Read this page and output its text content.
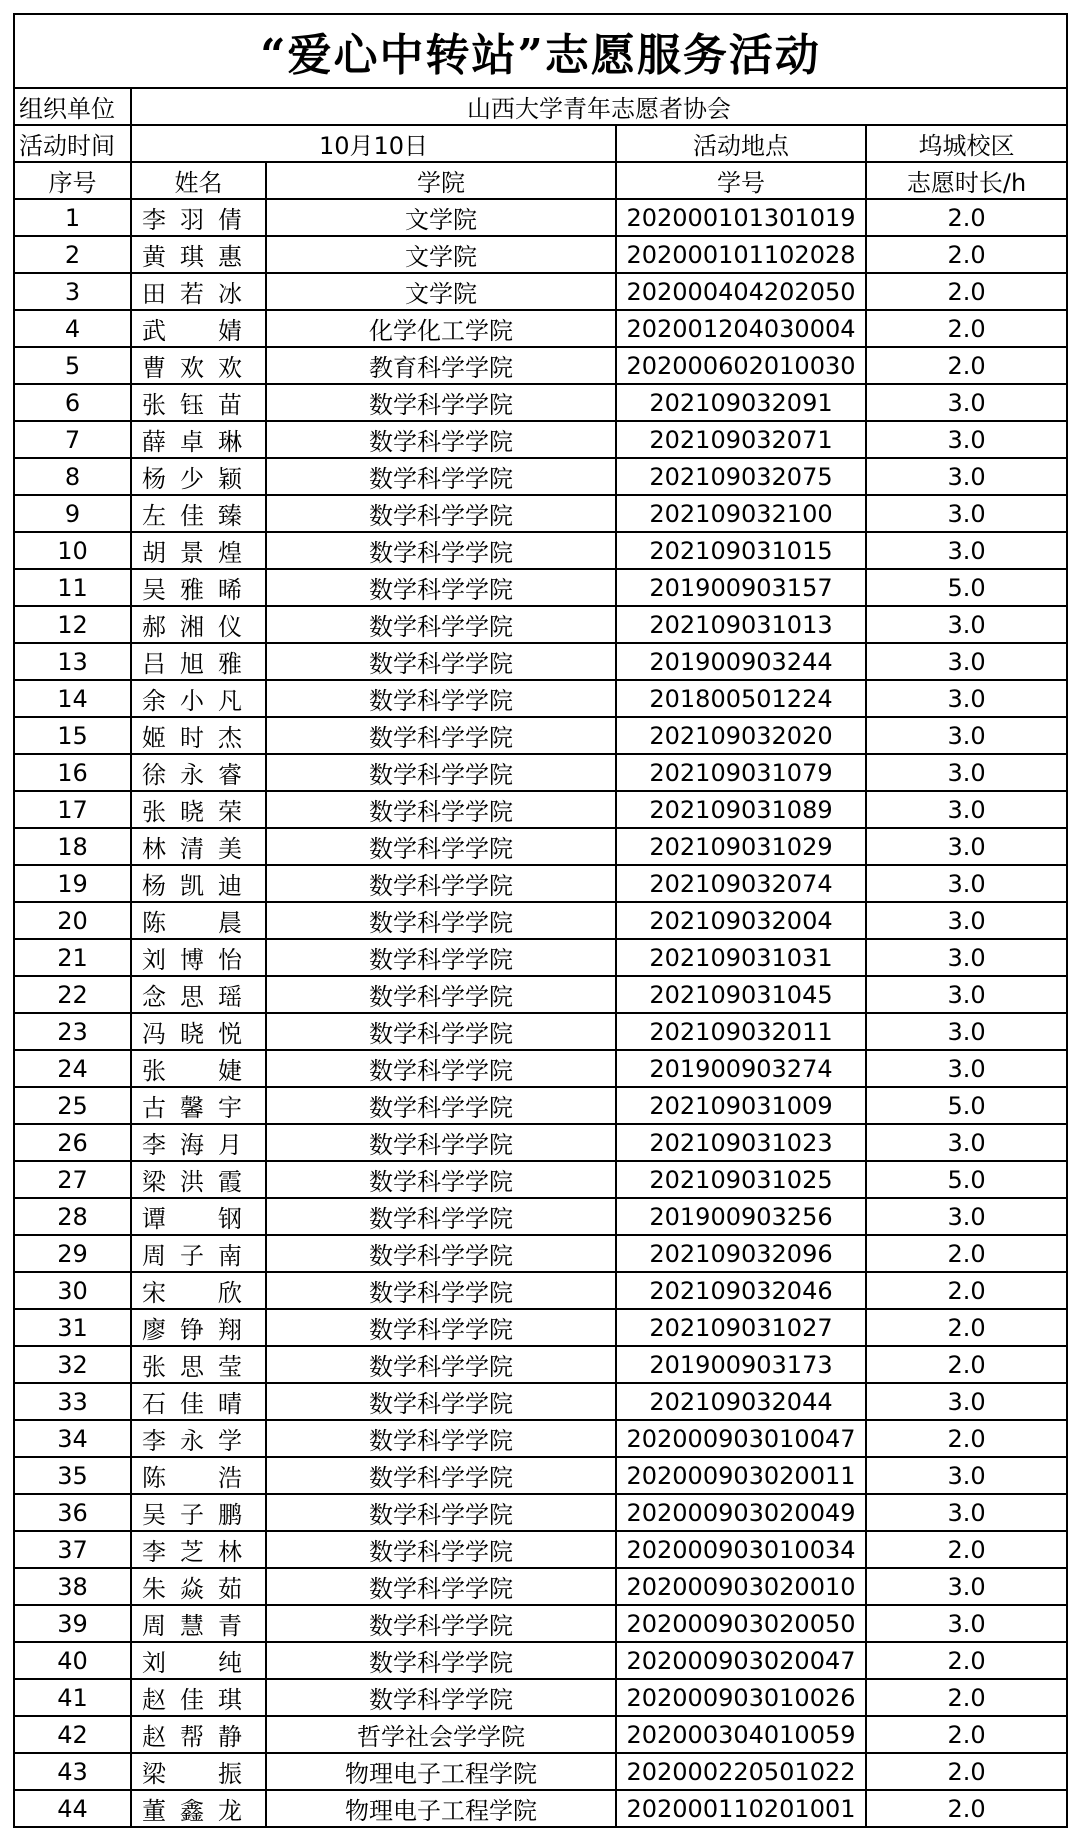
“爱心中转站”志愿服务活动				
组织单位	山西大学青年志愿者协会			
活动时间	10月10日		活动地点	坞城校区
序号	姓名	学院	学号	志愿时长/h
1	李羽倩	文学院	202000101301019	2.0
2	黄琪惠	文学院	202000101102028	2.0
3	田若冰	文学院	202000404202050	2.0
4	武　婧	化学化工学院	202001204030004	2.0
5	曹欢欢	教育科学学院	202000602010030	2.0
6	张钰苗	数学科学学院	202109032091	3.0
7	薛卓琳	数学科学学院	202109032071	3.0
8	杨少颖	数学科学学院	202109032075	3.0
9	左佳臻	数学科学学院	202109032100	3.0
10	胡景煌	数学科学学院	202109031015	3.0
11	吴雅晞	数学科学学院	201900903157	5.0
12	郝湘仪	数学科学学院	202109031013	3.0
13	吕旭雅	数学科学学院	201900903244	3.0
14	余小凡	数学科学学院	201800501224	3.0
15	姬时杰	数学科学学院	202109032020	3.0
16	徐永睿	数学科学学院	202109031079	3.0
17	张晓荣	数学科学学院	202109031089	3.0
18	林清美	数学科学学院	202109031029	3.0
19	杨凯迪	数学科学学院	202109032074	3.0
20	陈　晨	数学科学学院	202109032004	3.0
21	刘博怡	数学科学学院	202109031031	3.0
22	念思瑶	数学科学学院	202109031045	3.0
23	冯晓悦	数学科学学院	202109032011	3.0
24	张　婕	数学科学学院	201900903274	3.0
25	古馨宇	数学科学学院	202109031009	5.0
26	李海月	数学科学学院	202109031023	3.0
27	梁洪霞	数学科学学院	202109031025	5.0
28	谭　钢	数学科学学院	201900903256	3.0
29	周子南	数学科学学院	202109032096	2.0
30	宋　欣	数学科学学院	202109032046	2.0
31	廖铮翔	数学科学学院	202109031027	2.0
32	张思莹	数学科学学院	201900903173	2.0
33	石佳晴	数学科学学院	202109032044	3.0
34	李永学	数学科学学院	202000903010047	2.0
35	陈　浩	数学科学学院	202000903020011	3.0
36	吴子鹏	数学科学学院	202000903020049	3.0
37	李芝林	数学科学学院	202000903010034	2.0
38	朱焱茹	数学科学学院	202000903020010	3.0
39	周慧青	数学科学学院	202000903020050	3.0
40	刘　纯	数学科学学院	202000903020047	2.0
41	赵佳琪	数学科学学院	202000903010026	2.0
42	赵帮静	哲学社会学学院	202000304010059	2.0
43	梁　振	物理电子工程学院	202000220501022	2.0
44	董鑫龙	物理电子工程学院	202000110201001	2.0
